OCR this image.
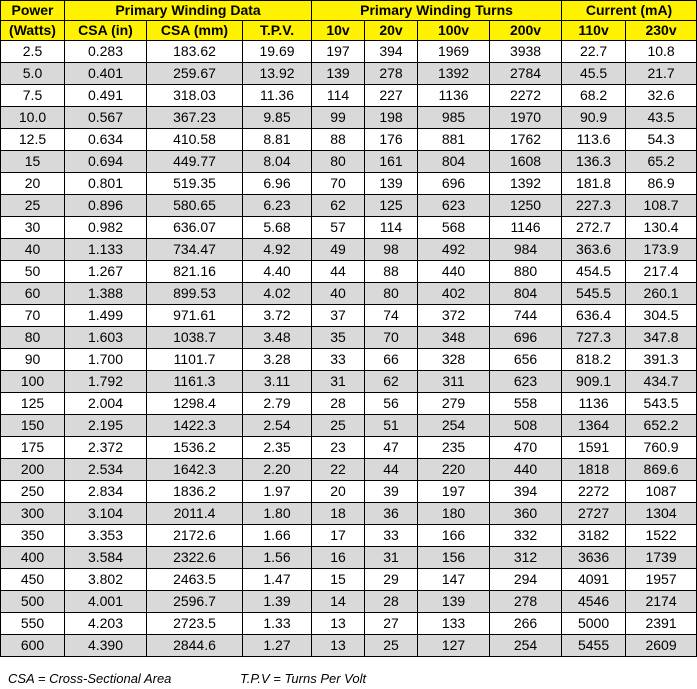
Power	Primary Winding Data			Primary Winding Turns				Current (mA)	
(Watts)	CSA (in)	CSA (mm)	T.P.V.	10v	20v	100v	200v	110v	230v
2.5	0.283	183.62	19.69	197	394	1969	3938	22.7	10.8
5.0	0.401	259.67	13.92	139	278	1392	2784	45.5	21.7
7.5	0.491	318.03	11.36	114	227	1136	2272	68.2	32.6
10.0	0.567	367.23	9.85	99	198	985	1970	90.9	43.5
12.5	0.634	410.58	8.81	88	176	881	1762	113.6	54.3
15	0.694	449.77	8.04	80	161	804	1608	136.3	65.2
20	0.801	519.35	6.96	70	139	696	1392	181.8	86.9
25	0.896	580.65	6.23	62	125	623	1250	227.3	108.7
30	0.982	636.07	5.68	57	114	568	1146	272.7	130.4
40	1.133	734.47	4.92	49	98	492	984	363.6	173.9
50	1.267	821.16	4.40	44	88	440	880	454.5	217.4
60	1.388	899.53	4.02	40	80	402	804	545.5	260.1
70	1.499	971.61	3.72	37	74	372	744	636.4	304.5
80	1.603	1038.7	3.48	35	70	348	696	727.3	347.8
90	1.700	1101.7	3.28	33	66	328	656	818.2	391.3
100	1.792	1161.3	3.11	31	62	311	623	909.1	434.7
125	2.004	1298.4	2.79	28	56	279	558	1136	543.5
150	2.195	1422.3	2.54	25	51	254	508	1364	652.2
175	2.372	1536.2	2.35	23	47	235	470	1591	760.9
200	2.534	1642.3	2.20	22	44	220	440	1818	869.6
250	2.834	1836.2	1.97	20	39	197	394	2272	1087
300	3.104	2011.4	1.80	18	36	180	360	2727	1304
350	3.353	2172.6	1.66	17	33	166	332	3182	1522
400	3.584	2322.6	1.56	16	31	156	312	3636	1739
450	3.802	2463.5	1.47	15	29	147	294	4091	1957
500	4.001	2596.7	1.39	14	28	139	278	4546	2174
550	4.203	2723.5	1.33	13	27	133	266	5000	2391
600	4.390	2844.6	1.27	13	25	127	254	5455	2609
CSA = Cross-Sectional Area	T.P.V = Turns Per Volt
